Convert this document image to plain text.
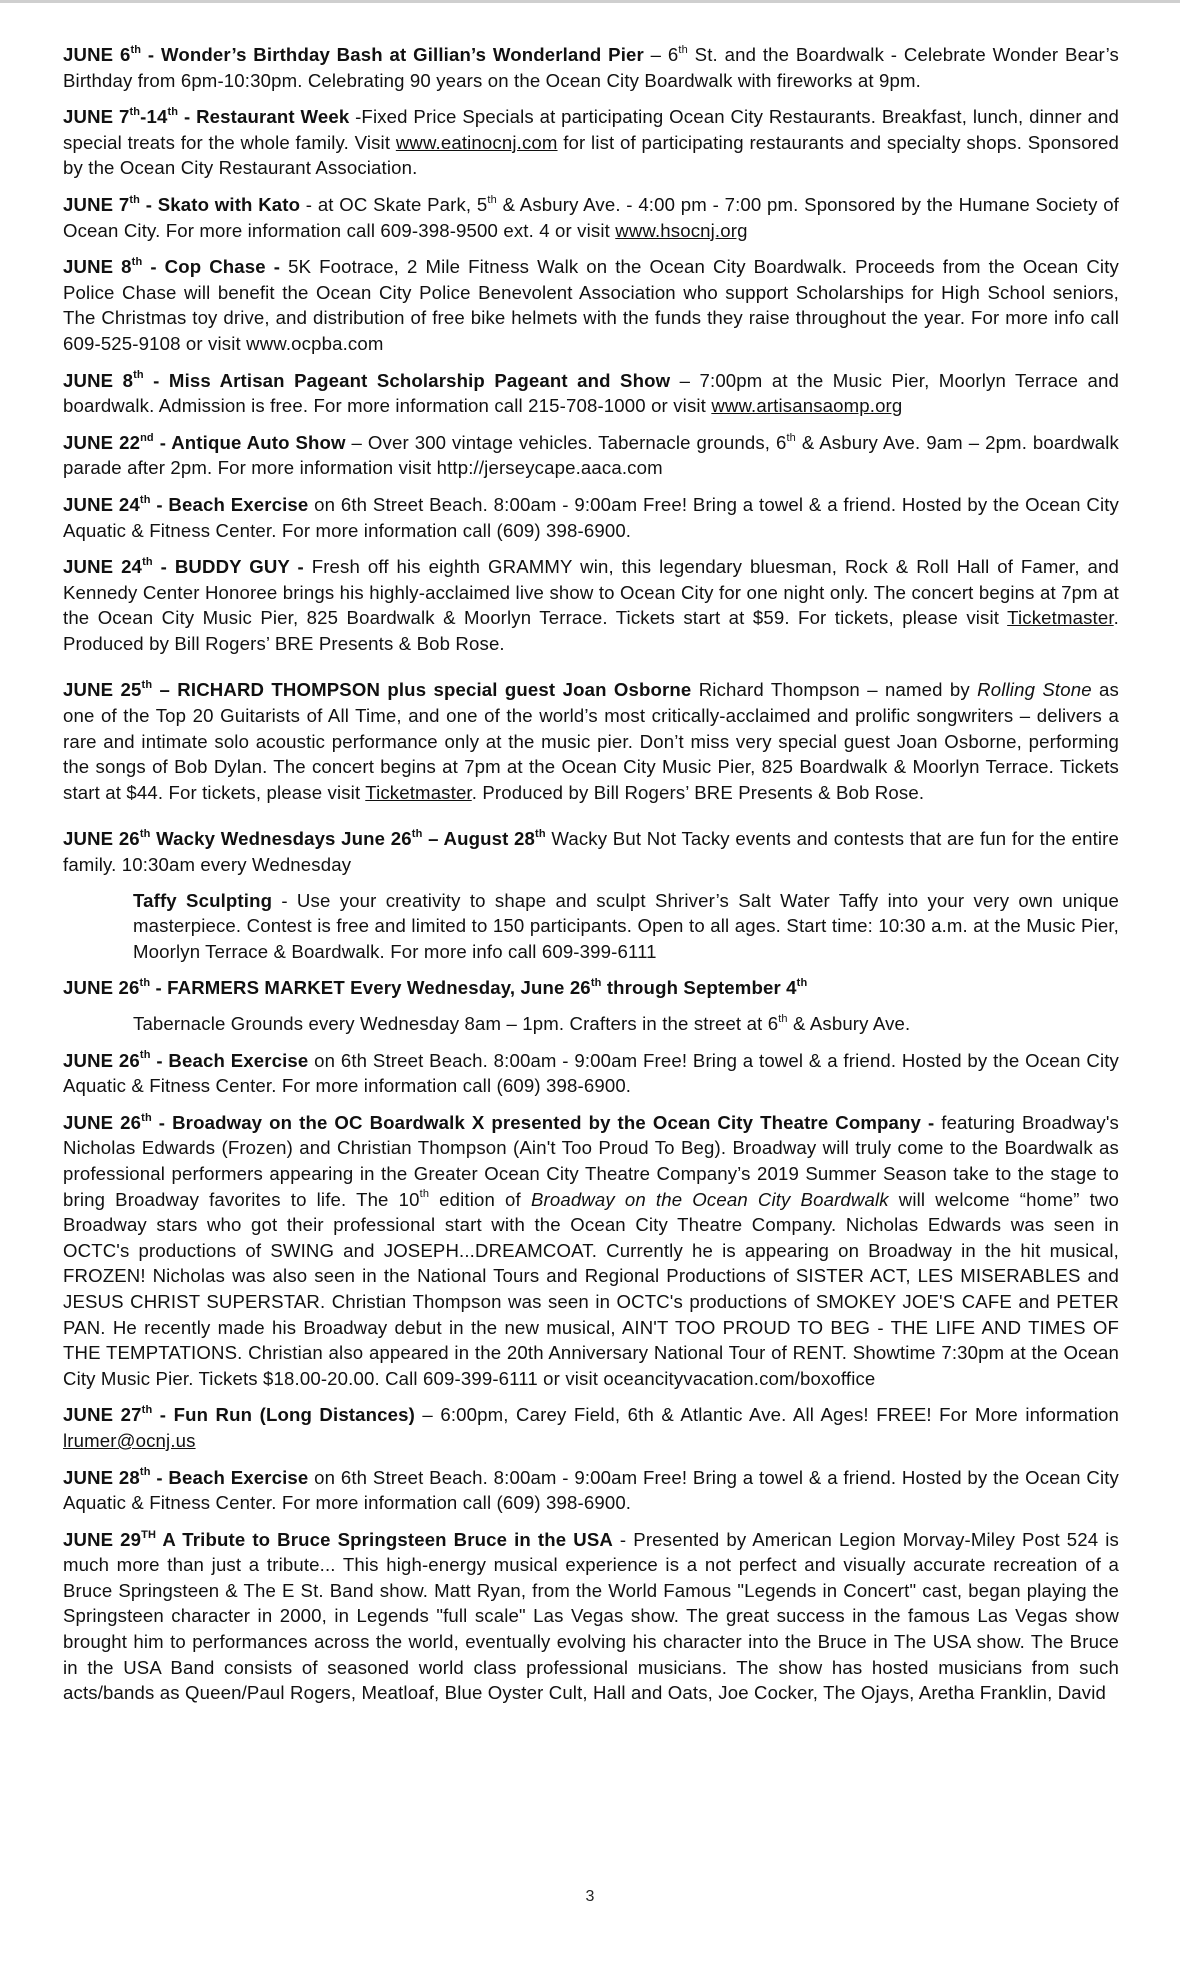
JUNE 6th - Wonder’s Birthday Bash at Gillian’s Wonderland Pier – 6th St. and the Boardwalk - Celebrate Wonder Bear’s Birthday from 6pm-10:30pm. Celebrating 90 years on the Ocean City Boardwalk with fireworks at 9pm.

JUNE 7th-14th - Restaurant Week -Fixed Price Specials at participating Ocean City Restaurants. Breakfast, lunch, dinner and special treats for the whole family. Visit www.eatinocnj.com for list of participating restaurants and specialty shops. Sponsored by the Ocean City Restaurant Association.

JUNE 7th - Skato with Kato - at OC Skate Park, 5th & Asbury Ave. - 4:00 pm - 7:00 pm. Sponsored by the Humane Society of Ocean City. For more information call 609-398-9500 ext. 4 or visit www.hsocnj.org

JUNE 8th - Cop Chase - 5K Footrace, 2 Mile Fitness Walk on the Ocean City Boardwalk. Proceeds from the Ocean City Police Chase will benefit the Ocean City Police Benevolent Association who support Scholarships for High School seniors, The Christmas toy drive, and distribution of free bike helmets with the funds they raise throughout the year. For more info call 609-525-9108 or visit www.ocpba.com

JUNE 8th - Miss Artisan Pageant Scholarship Pageant and Show – 7:00pm at the Music Pier, Moorlyn Terrace and boardwalk. Admission is free. For more information call 215-708-1000 or visit www.artisansaomp.org

JUNE 22nd - Antique Auto Show – Over 300 vintage vehicles. Tabernacle grounds, 6th & Asbury Ave. 9am – 2pm. boardwalk parade after 2pm. For more information visit http://jerseycape.aaca.com

JUNE 24th - Beach Exercise on 6th Street Beach. 8:00am - 9:00am Free! Bring a towel & a friend. Hosted by the Ocean City Aquatic & Fitness Center. For more information call (609) 398-6900.

JUNE 24th - BUDDY GUY - Fresh off his eighth GRAMMY win, this legendary bluesman, Rock & Roll Hall of Famer, and Kennedy Center Honoree brings his highly-acclaimed live show to Ocean City for one night only. The concert begins at 7pm at the Ocean City Music Pier, 825 Boardwalk & Moorlyn Terrace. Tickets start at $59. For tickets, please visit Ticketmaster. Produced by Bill Rogers’ BRE Presents & Bob Rose.

JUNE 25th – RICHARD THOMPSON plus special guest Joan Osborne Richard Thompson – named by Rolling Stone as one of the Top 20 Guitarists of All Time, and one of the world’s most critically-acclaimed and prolific songwriters – delivers a rare and intimate solo acoustic performance only at the music pier. Don’t miss very special guest Joan Osborne, performing the songs of Bob Dylan. The concert begins at 7pm at the Ocean City Music Pier, 825 Boardwalk & Moorlyn Terrace. Tickets start at $44. For tickets, please visit Ticketmaster. Produced by Bill Rogers’ BRE Presents & Bob Rose.

JUNE 26th Wacky Wednesdays June 26th – August 28th Wacky But Not Tacky events and contests that are fun for the entire family. 10:30am every Wednesday
Taffy Sculpting - Use your creativity to shape and sculpt Shriver’s Salt Water Taffy into your very own unique masterpiece. Contest is free and limited to 150 participants. Open to all ages. Start time: 10:30 a.m. at the Music Pier, Moorlyn Terrace & Boardwalk. For more info call 609-399-6111

JUNE 26th - FARMERS MARKET Every Wednesday, June 26th through September 4th
Tabernacle Grounds every Wednesday 8am – 1pm. Crafters in the street at 6th & Asbury Ave.

JUNE 26th - Beach Exercise on 6th Street Beach. 8:00am - 9:00am Free! Bring a towel & a friend. Hosted by the Ocean City Aquatic & Fitness Center. For more information call (609) 398-6900.

JUNE 26th - Broadway on the OC Boardwalk X presented by the Ocean City Theatre Company - featuring Broadway's Nicholas Edwards (Frozen) and Christian Thompson (Ain't Too Proud To Beg). Broadway will truly come to the Boardwalk as professional performers appearing in the Greater Ocean City Theatre Company’s 2019 Summer Season take to the stage to bring Broadway favorites to life. The 10th edition of Broadway on the Ocean City Boardwalk will welcome “home” two Broadway stars who got their professional start with the Ocean City Theatre Company. Nicholas Edwards was seen in OCTC's productions of SWING and JOSEPH...DREAMCOAT. Currently he is appearing on Broadway in the hit musical, FROZEN! Nicholas was also seen in the National Tours and Regional Productions of SISTER ACT, LES MISERABLES and JESUS CHRIST SUPERSTAR. Christian Thompson was seen in OCTC's productions of SMOKEY JOE'S CAFE and PETER PAN. He recently made his Broadway debut in the new musical, AIN'T TOO PROUD TO BEG - THE LIFE AND TIMES OF THE TEMPTATIONS. Christian also appeared in the 20th Anniversary National Tour of RENT. Showtime 7:30pm at the Ocean City Music Pier. Tickets $18.00-20.00. Call 609-399-6111 or visit oceancityvacation.com/boxoffice

JUNE 27th - Fun Run (Long Distances) – 6:00pm, Carey Field, 6th & Atlantic Ave. All Ages! FREE! For More information lrumer@ocnj.us

JUNE 28th - Beach Exercise on 6th Street Beach. 8:00am - 9:00am Free! Bring a towel & a friend. Hosted by the Ocean City Aquatic & Fitness Center. For more information call (609) 398-6900.

JUNE 29TH A Tribute to Bruce Springsteen Bruce in the USA - Presented by American Legion Morvay-Miley Post 524 is much more than just a tribute... This high-energy musical experience is a not perfect and visually accurate recreation of a Bruce Springsteen & The E St. Band show. Matt Ryan, from the World Famous "Legends in Concert" cast, began playing the Springsteen character in 2000, in Legends "full scale" Las Vegas show. The great success in the famous Las Vegas show brought him to performances across the world, eventually evolving his character into the Bruce in The USA show. The Bruce in the USA Band consists of seasoned world class professional musicians. The show has hosted musicians from such acts/bands as Queen/Paul Rogers, Meatloaf, Blue Oyster Cult, Hall and Oats, Joe Cocker, The Ojays, Aretha Franklin, David

3
